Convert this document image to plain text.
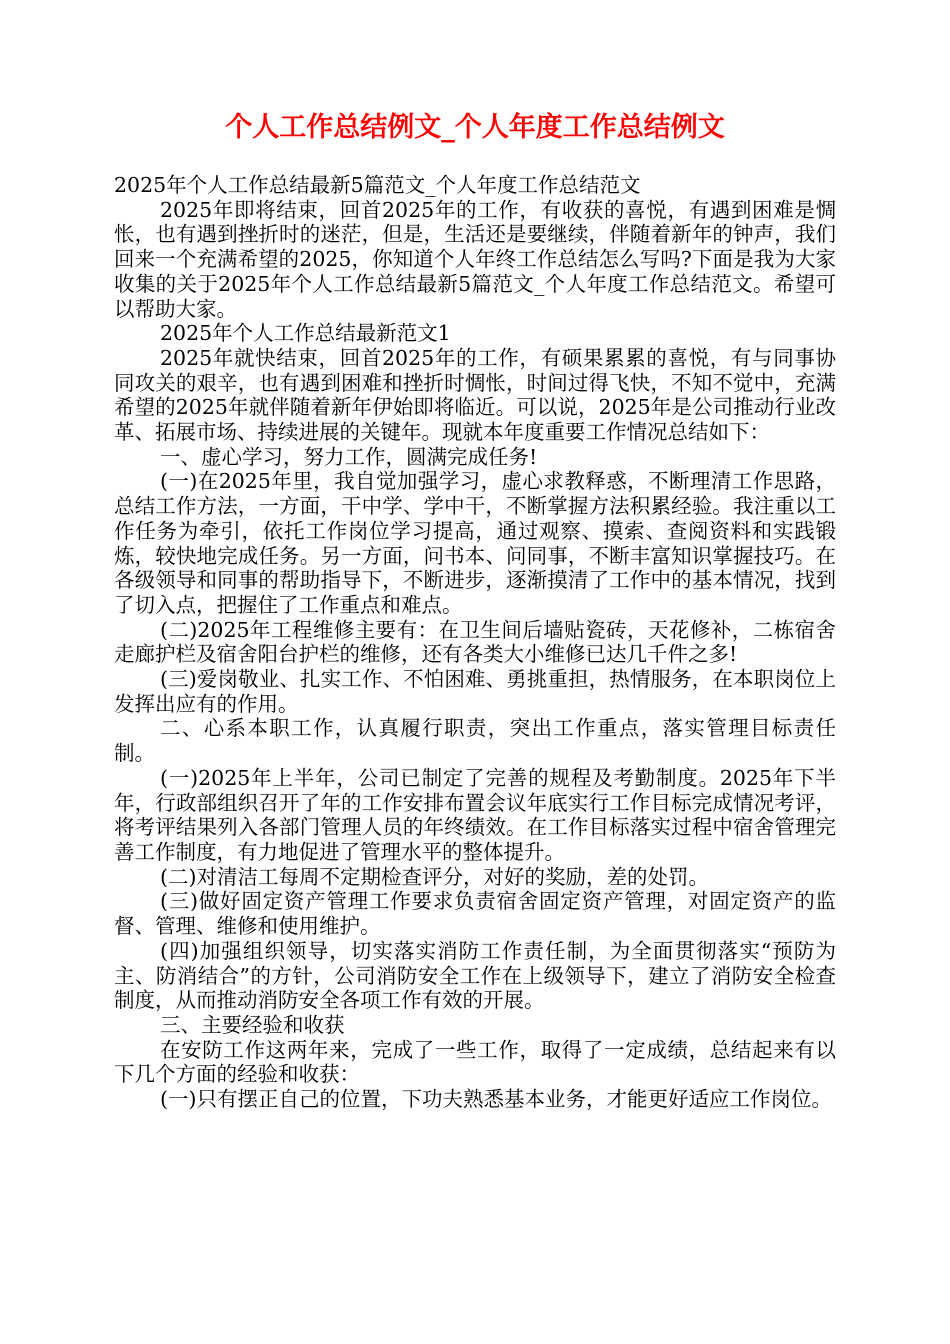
个人工作总结例文_个人年度工作总结例文

2025年个人工作总结最新5篇范文_个人年度工作总结范文

2025年即将结束，回首2025年的工作，有收获的喜悦，有遇到困难是惆怅，也有遇到挫折时的迷茫，但是，生活还是要继续，伴随着新年的钟声，我们回来一个充满希望的2025，你知道个人年终工作总结怎么写吗?下面是我为大家收集的关于2025年个人工作总结最新5篇范文_个人年度工作总结范文。希望可以帮助大家。

2025年个人工作总结最新范文1

2025年就快结束，回首2025年的工作，有硕果累累的喜悦，有与同事协同攻关的艰辛，也有遇到困难和挫折时惆怅，时间过得飞快，不知不觉中，充满希望的2025年就伴随着新年伊始即将临近。可以说，2025年是公司推动行业改革、拓展市场、持续进展的关键年。现就本年度重要工作情况总结如下：

一、虚心学习，努力工作，圆满完成任务!

(一)在2025年里，我自觉加强学习，虚心求教释惑，不断理清工作思路，总结工作方法，一方面，干中学、学中干，不断掌握方法积累经验。我注重以工作任务为牵引，依托工作岗位学习提高，通过观察、摸索、查阅资料和实践锻炼，较快地完成任务。另一方面，问书本、问同事，不断丰富知识掌握技巧。在各级领导和同事的帮助指导下，不断进步，逐渐摸清了工作中的基本情况，找到了切入点，把握住了工作重点和难点。

(二)2025年工程维修主要有：在卫生间后墙贴瓷砖，天花修补，二栋宿舍走廊护栏及宿舍阳台护栏的维修，还有各类大小维修已达几千件之多!

(三)爱岗敬业、扎实工作、不怕困难、勇挑重担，热情服务，在本职岗位上发挥出应有的作用。

二、心系本职工作，认真履行职责，突出工作重点，落实管理目标责任制。

(一)2025年上半年，公司已制定了完善的规程及考勤制度。2025年下半年，行政部组织召开了年的工作安排布置会议年底实行工作目标完成情况考评，将考评结果列入各部门管理人员的年终绩效。在工作目标落实过程中宿舍管理完善工作制度，有力地促进了管理水平的整体提升。

(二)对清洁工每周不定期检查评分，对好的奖励，差的处罚。

(三)做好固定资产管理工作要求负责宿舍固定资产管理，对固定资产的监督、管理、维修和使用维护。

(四)加强组织领导，切实落实消防工作责任制，为全面贯彻落实“预防为主、防消结合”的方针，公司消防安全工作在上级领导下，建立了消防安全检查制度，从而推动消防安全各项工作有效的开展。

三、主要经验和收获

在安防工作这两年来，完成了一些工作，取得了一定成绩，总结起来有以下几个方面的经验和收获：

(一)只有摆正自己的位置，下功夫熟悉基本业务，才能更好适应工作岗位。
